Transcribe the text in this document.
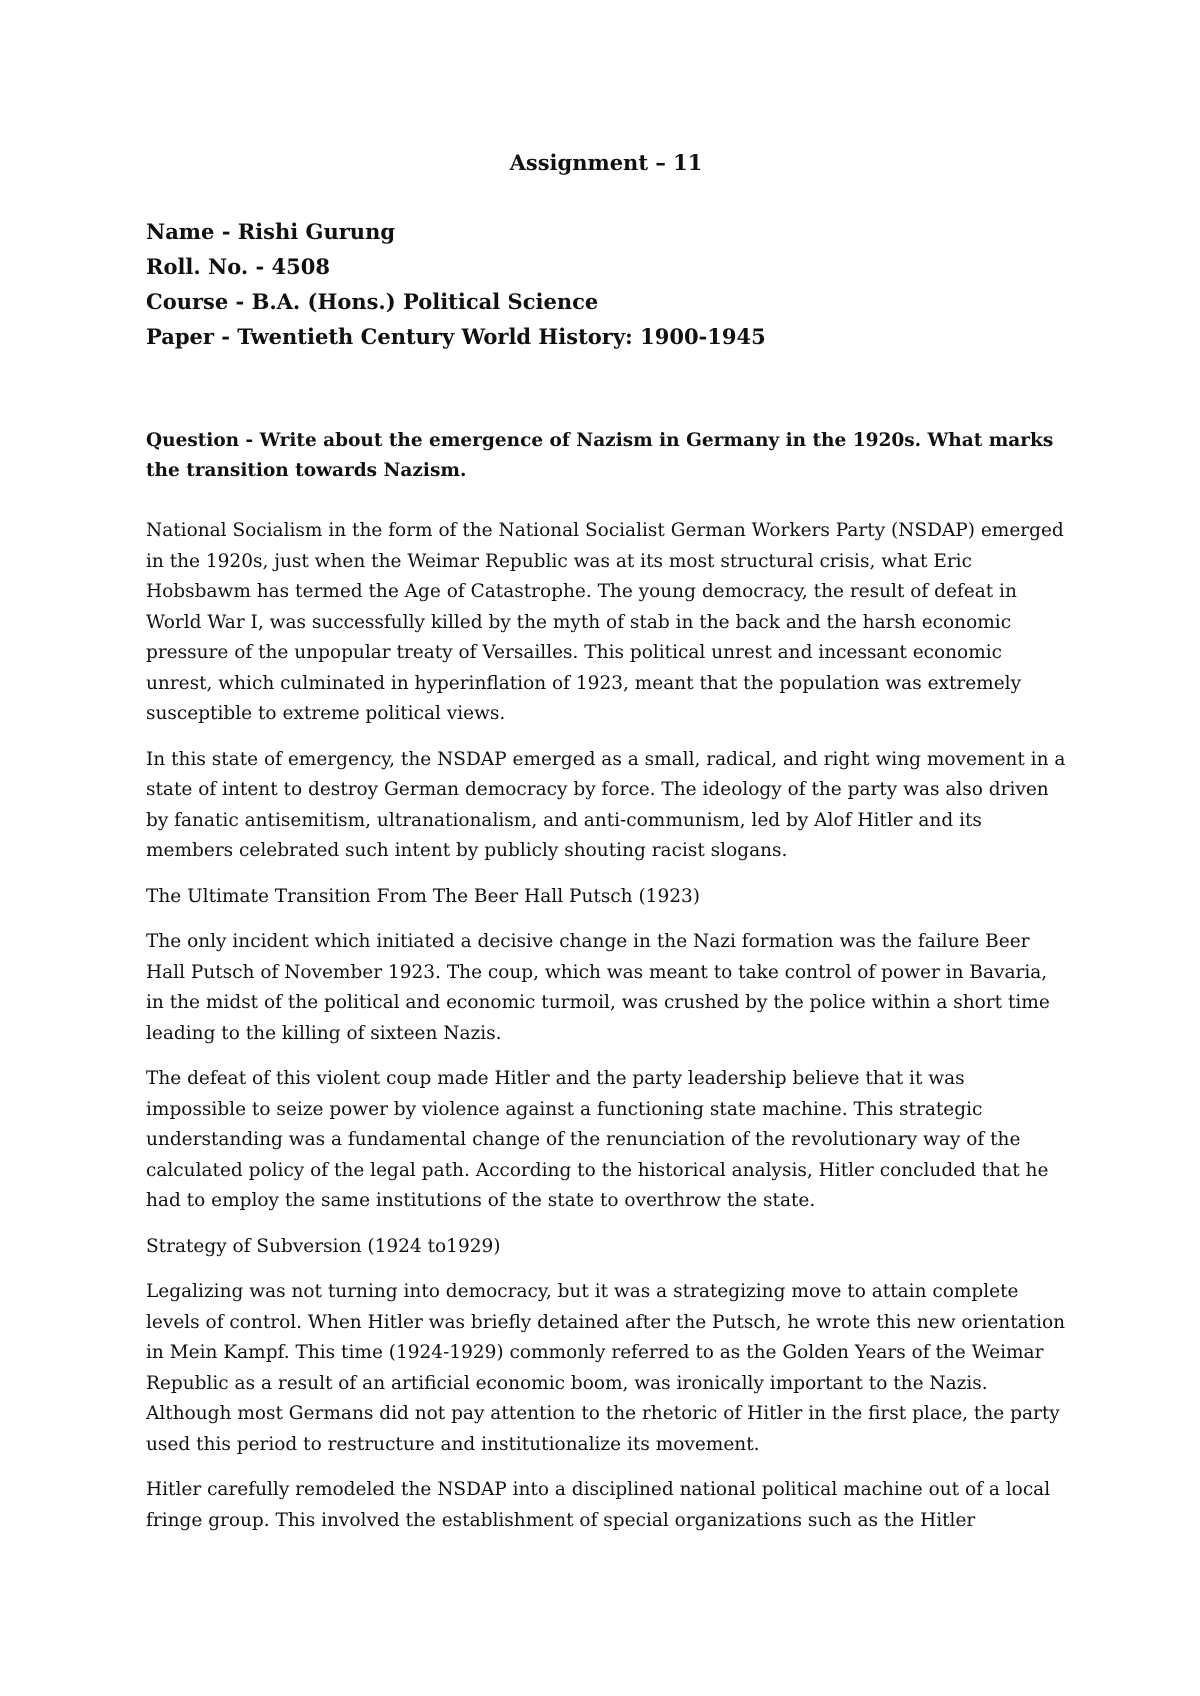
Assignment – 11

Name - Rishi Gurung

Roll. No. - 4508

Course - B.A. (Hons.) Political Science

Paper - Twentieth Century World History: 1900-1945

Question - Write about the emergence of Nazism in Germany in the 1920s. What marks the transition towards Nazism.

National Socialism in the form of the National Socialist German Workers Party (NSDAP) emerged in the 1920s, just when the Weimar Republic was at its most structural crisis, what Eric Hobsbawm has termed the Age of Catastrophe. The young democracy, the result of defeat in World War I, was successfully killed by the myth of stab in the back and the harsh economic pressure of the unpopular treaty of Versailles. This political unrest and incessant economic unrest, which culminated in hyperinflation of 1923, meant that the population was extremely susceptible to extreme political views.

In this state of emergency, the NSDAP emerged as a small, radical, and right wing movement in a state of intent to destroy German democracy by force. The ideology of the party was also driven by fanatic antisemitism, ultranationalism, and anti-communism, led by Alof Hitler and its members celebrated such intent by publicly shouting racist slogans.

The Ultimate Transition From The Beer Hall Putsch (1923)

The only incident which initiated a decisive change in the Nazi formation was the failure Beer Hall Putsch of November 1923. The coup, which was meant to take control of power in Bavaria, in the midst of the political and economic turmoil, was crushed by the police within a short time leading to the killing of sixteen Nazis.

The defeat of this violent coup made Hitler and the party leadership believe that it was impossible to seize power by violence against a functioning state machine. This strategic understanding was a fundamental change of the renunciation of the revolutionary way of the calculated policy of the legal path. According to the historical analysis, Hitler concluded that he had to employ the same institutions of the state to overthrow the state.

Strategy of Subversion (1924 to1929)

Legalizing was not turning into democracy, but it was a strategizing move to attain complete levels of control. When Hitler was briefly detained after the Putsch, he wrote this new orientation in Mein Kampf. This time (1924-1929) commonly referred to as the Golden Years of the Weimar Republic as a result of an artificial economic boom, was ironically important to the Nazis. Although most Germans did not pay attention to the rhetoric of Hitler in the first place, the party used this period to restructure and institutionalize its movement.

Hitler carefully remodeled the NSDAP into a disciplined national political machine out of a local fringe group. This involved the establishment of special organizations such as the Hitler
